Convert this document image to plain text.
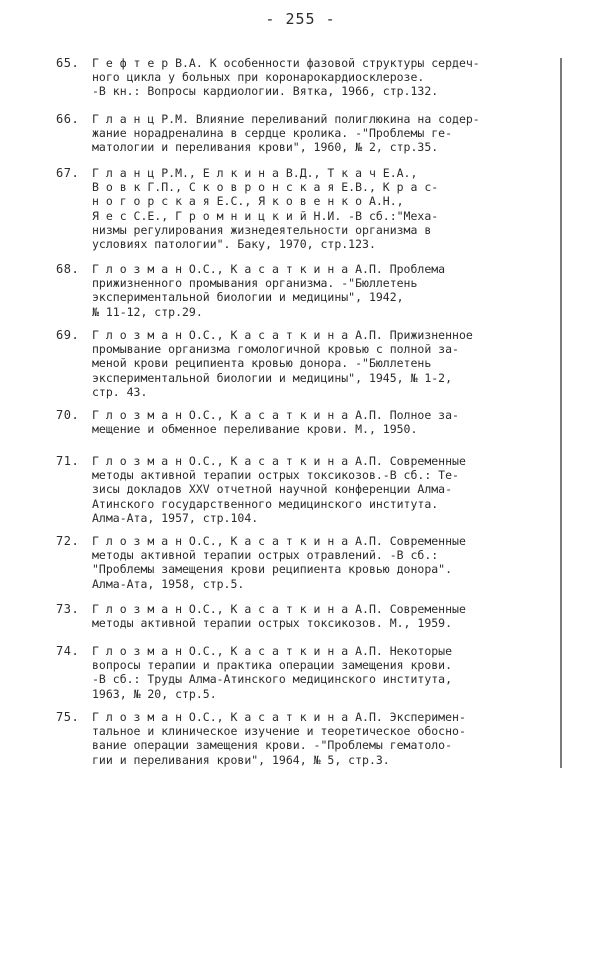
- 255 -
65. Г е ф т е р В.А. К особенности фазовой структуры сердеч-
ного цикла у больных при коронарокардиосклерозе.
-В кн.: Вопросы кардиологии. Вятка, 1966, стр.132.
66. Г л а н ц Р.М. Влияние переливаний полиглюкина на содер-
жание норадреналина в сердце кролика. -"Проблемы ге-
матологии и переливания крови", 1960, № 2, стр.35.
67. Г л а н ц Р.М., Е л к и н а В.Д., Т к а ч Е.А.,
В о в к Г.П., С к о в р о н с к а я Е.В., К р а с-
н о г о р с к а я Е.С., Я к о в е н к о А.Н.,
Я е с С.Е., Г р о м н и ц к и й Н.И. -В сб.:"Меха-
низмы регулирования жизнедеятельности организма в
условиях патологии". Баку, 1970, стр.123.
68. Г л о з м а н О.С., К а с а т к и н а А.П. Проблема
прижизненного промывания организма. -"Бюллетень
экспериментальной биологии и медицины", 1942,
№ 11-12, стр.29.
69. Г л о з м а н О.С., К а с а т к и н а А.П. Прижизненное
промывание организма гомологичной кровью с полной за-
меной крови реципиента кровью донора. -"Бюллетень
экспериментальной биологии и медицины", 1945, № 1-2,
стр. 43.
70. Г л о з м а н О.С., К а с а т к и н а А.П. Полное за-
мещение и обменное переливание крови. М., 1950.
71. Г л о з м а н О.С., К а с а т к и н а А.П. Современные
методы активной терапии острых токсикозов.-В сб.: Те-
зисы докладов XXV отчетной научной конференции Алма-
Атинского государственного медицинского института.
Алма-Ата, 1957, стр.104.
72. Г л о з м а н О.С., К а с а т к и н а А.П. Современные
методы активной терапии острых отравлений. -В сб.:
"Проблемы замещения крови реципиента кровью донора".
Алма-Ата, 1958, стр.5.
73. Г л о з м а н О.С., К а с а т к и н а А.П. Современные
методы активной терапии острых токсикозов. М., 1959.
74. Г л о з м а н О.С., К а с а т к и н а А.П. Некоторые
вопросы терапии и практика операции замещения крови.
-В сб.: Труды Алма-Атинского медицинского института,
1963, № 20, стр.5.
75. Г л о з м а н О.С., К а с а т к и н а А.П. Эксперимен-
тальное и клиническое изучение и теоретическое обосно-
вание операции замещения крови. -"Проблемы гематоло-
гии и переливания крови", 1964, № 5, стр.3.
